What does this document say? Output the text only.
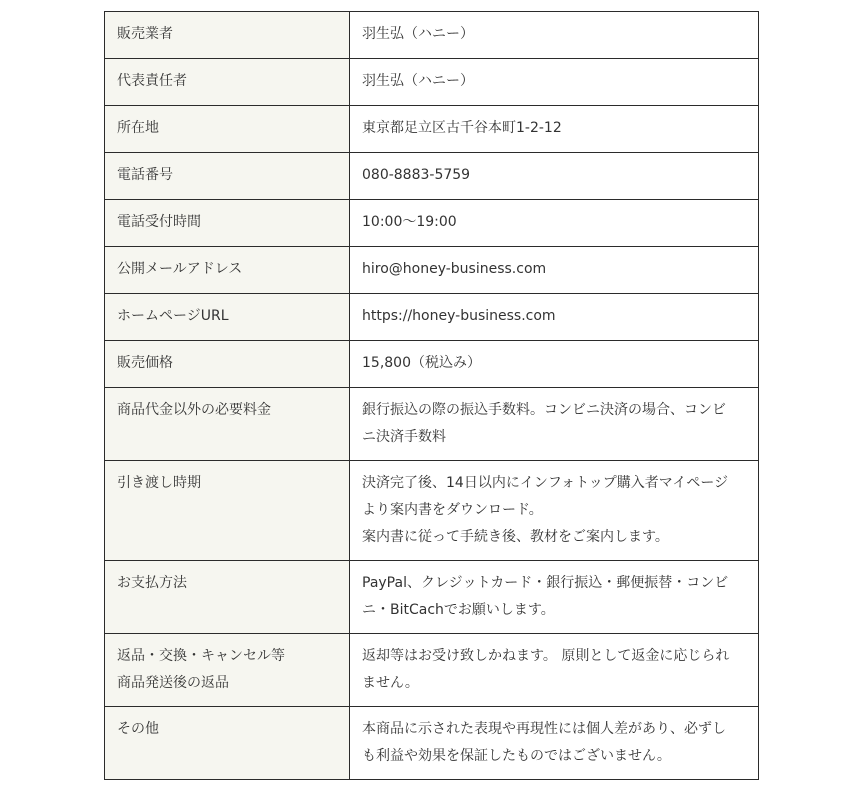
販売業者	羽生弘（ハニー）
代表責任者	羽生弘（ハニー）
所在地	東京都足立区古千谷本町1-2-12
電話番号	080-8883-5759
電話受付時間	10:00〜19:00
公開メールアドレス	hiro@honey-business.com
ホームページURL	https://honey-business.com
販売価格	15,800（税込み）
商品代金以外の必要料金	銀行振込の際の振込手数料。コンビニ決済の場合、コンビ
ニ決済手数料
引き渡し時期	決済完了後、14日以内にインフォトップ購入者マイページ
より案内書をダウンロード。
案内書に従って手続き後、教材をご案内します。
お支払方法	PayPal、クレジットカード・銀行振込・郵便振替・コンビ
ニ・BitCachでお願いします。
返品・交換・キャンセル等
商品発送後の返品	返却等はお受け致しかねます。 原則として返金に応じられ
ません。
その他	本商品に示された表現や再現性には個人差があり、必ずし
も利益や効果を保証したものではございません。
